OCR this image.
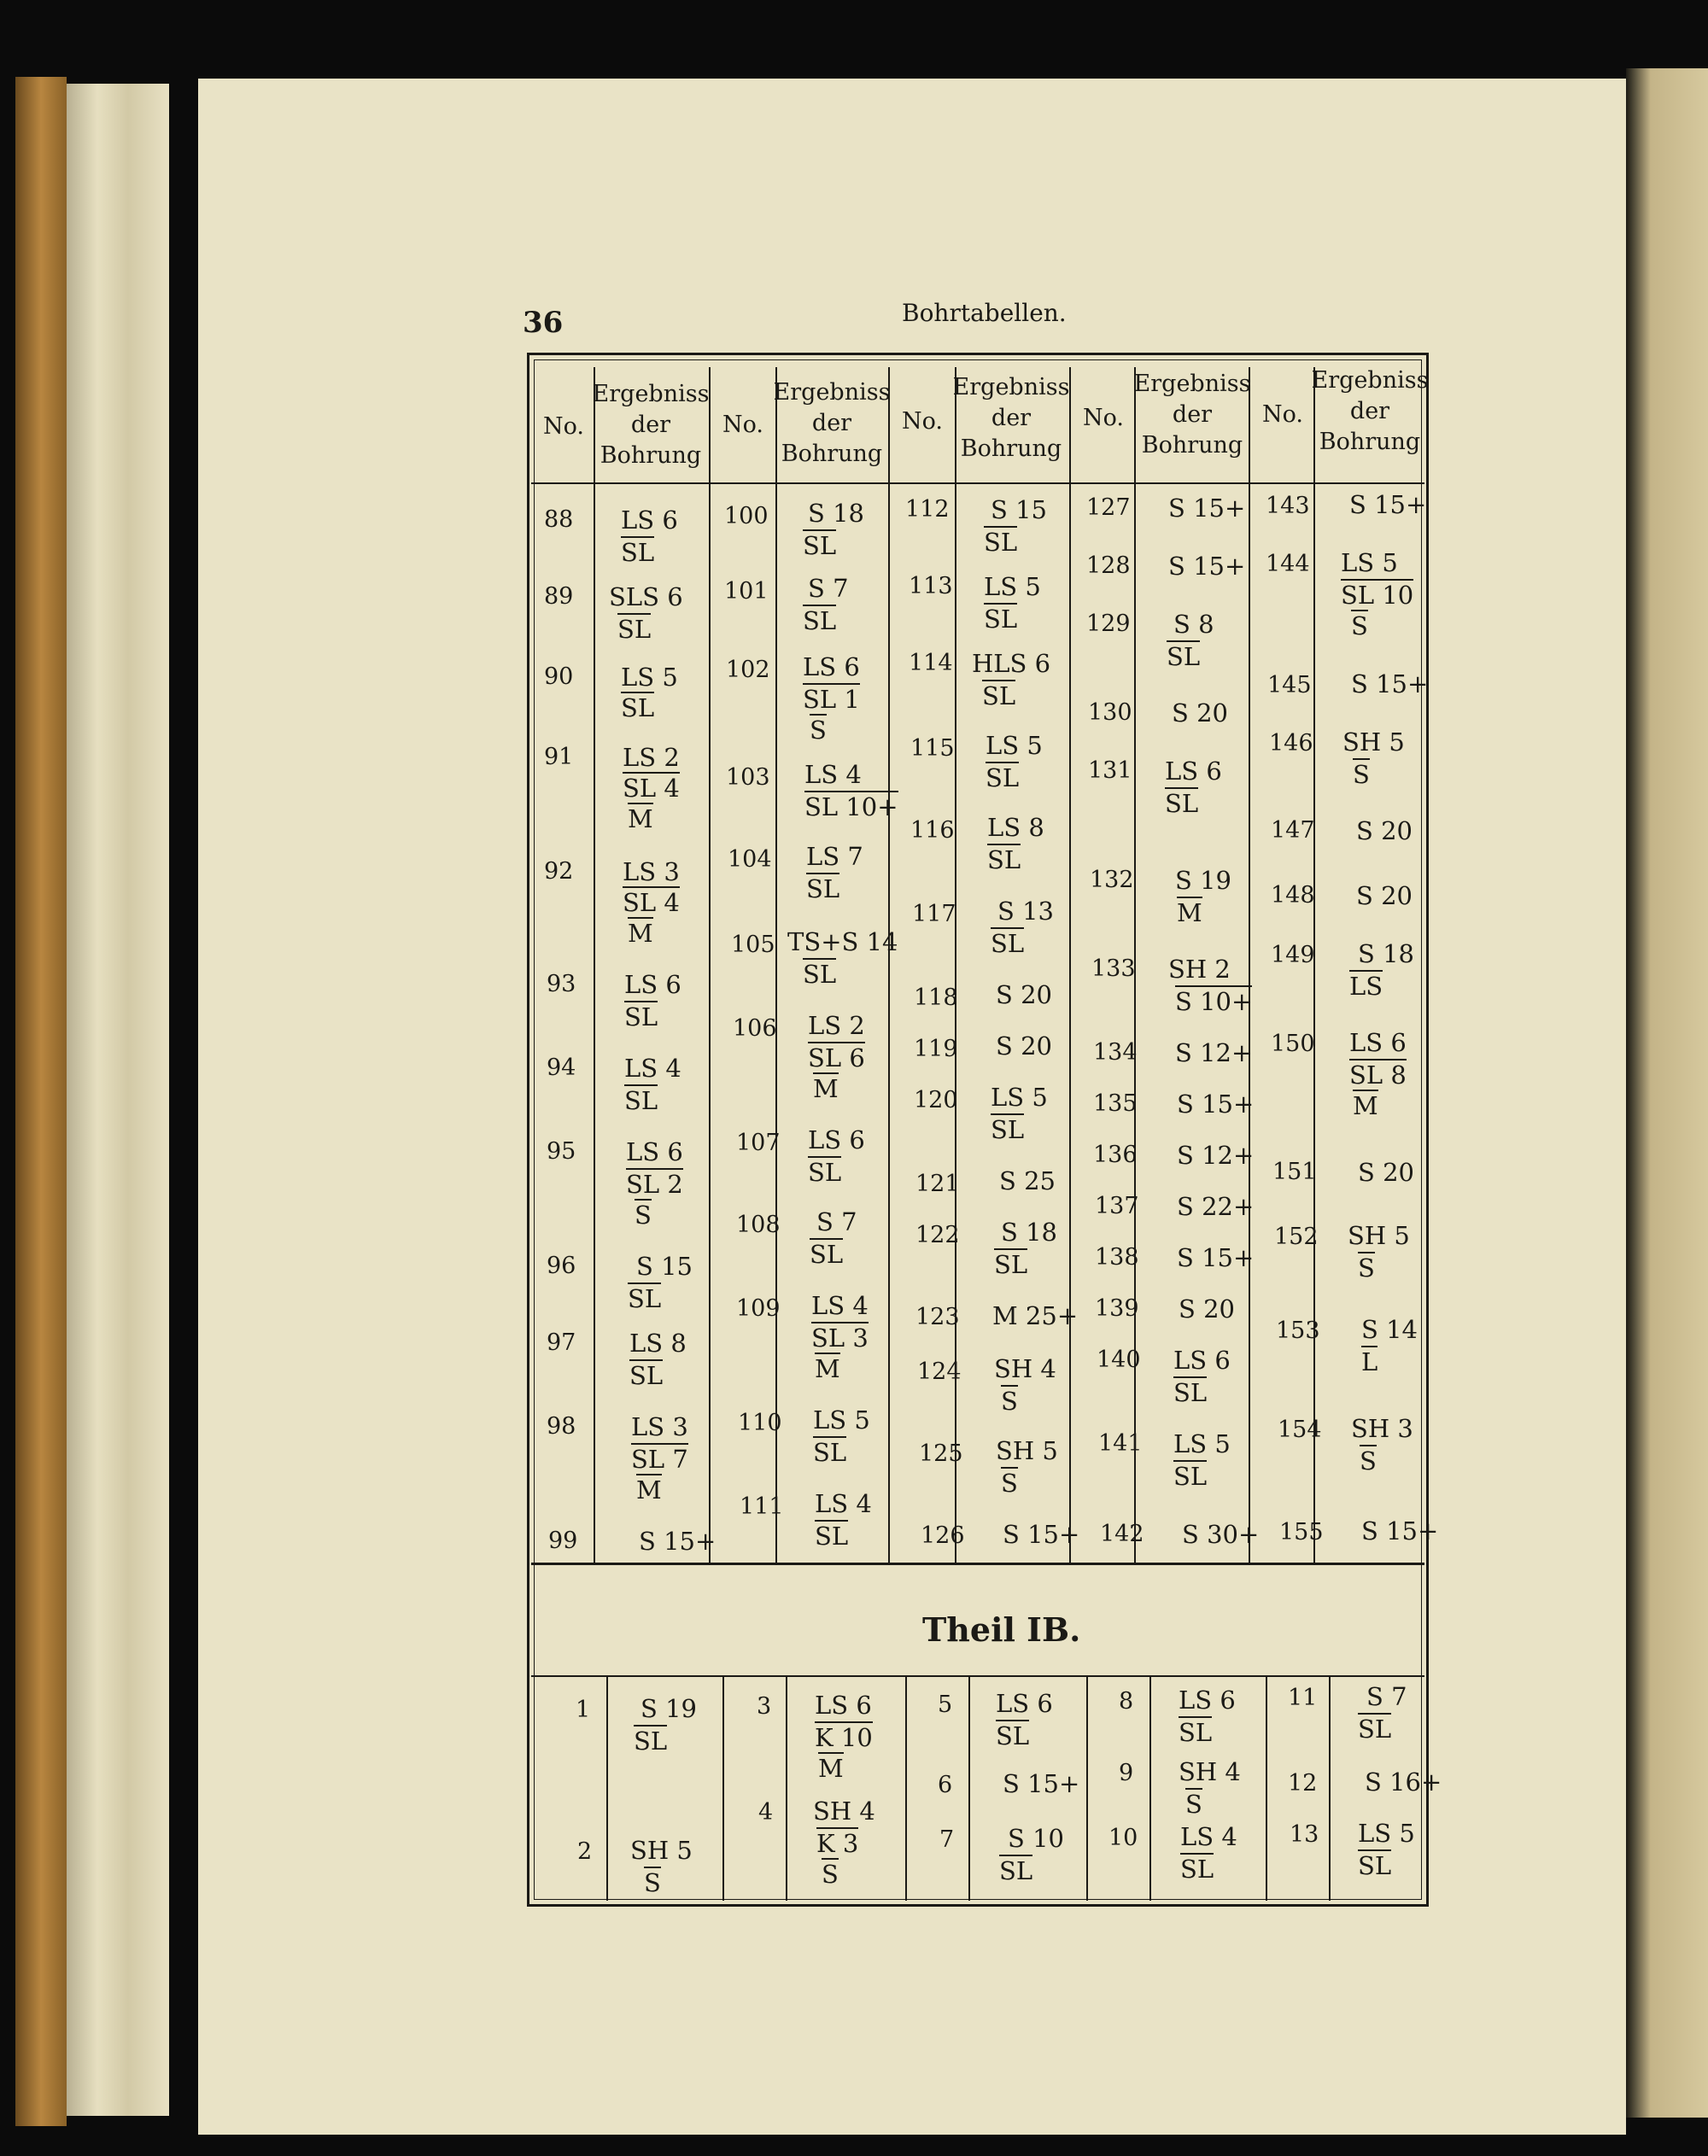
36	Bohrtabellen.
No.
Ergebniss
der
Bohrung
No.
Ergebniss
der
Bohrung
No.
Ergebniss
der
Bohrung
No.
Ergebniss
der
Bohrung
No.
Ergebniss
der
Bohrung
Theil IB.
88 LS 6
SL
89 SLS 6
SL
90 LS 5
SL
91 LS 2
SL 4
M
92 LS 3
SL 4
M
93 LS 6
SL
94 LS 4
SL
95 LS 6
SL 2
S
96 S 15
SL
97 LS 8
SL
98 LS 3
SL 7
M
99 S 15+
100 S 18
SL
101 S 7
SL
102 LS 6
SL 1
S
103 LS 4
SL 10+
104 LS 7
SL
105 TS+S 14
SL
106 LS 2
SL 6
M
107 LS 6
SL
108 S 7
SL
109 LS 4
SL 3
M
110 LS 5
SL
111 LS 4
SL
112 S 15
SL
113 LS 5
SL
114 HLS 6
SL
115 LS 5
SL
116 LS 8
SL
117 S 13
SL
118 S 20
119 S 20
120 LS 5
SL
121 S 25
122 S 18
SL
123 M 25+
124 SH 4
S
125 SH 5
S
126 S 15+
127 S 15+
128 S 15+
129 S 8
SL
130 S 20
131 LS 6
SL
132 S 19
M
133 SH 2
S 10+
134 S 12+
135 S 15+
136 S 12+
137 S 22+
138 S 15+
139 S 20
140 LS 6
SL
141 LS 5
SL
142 S 30+
143 S 15+
144 LS 5
SL 10
S
145 S 15+
146 SH 5
S
147 S 20
148 S 20
149 S 18
LS
150 LS 6
SL 8
M
151 S 20
152 SH 5
S
153 S 14
L
154 SH 3
S
155 S 15+
1 S 19
SL
2 SH 5
S
3 LS 6
K 10
M
4 SH 4
K 3
S
5 LS 6
SL
6 S 15+
7 S 10
SL
8 LS 6
SL
9 SH 4
S
10 LS 4
SL
11 S 7
SL
12 S 16+
13 LS 5
SL
